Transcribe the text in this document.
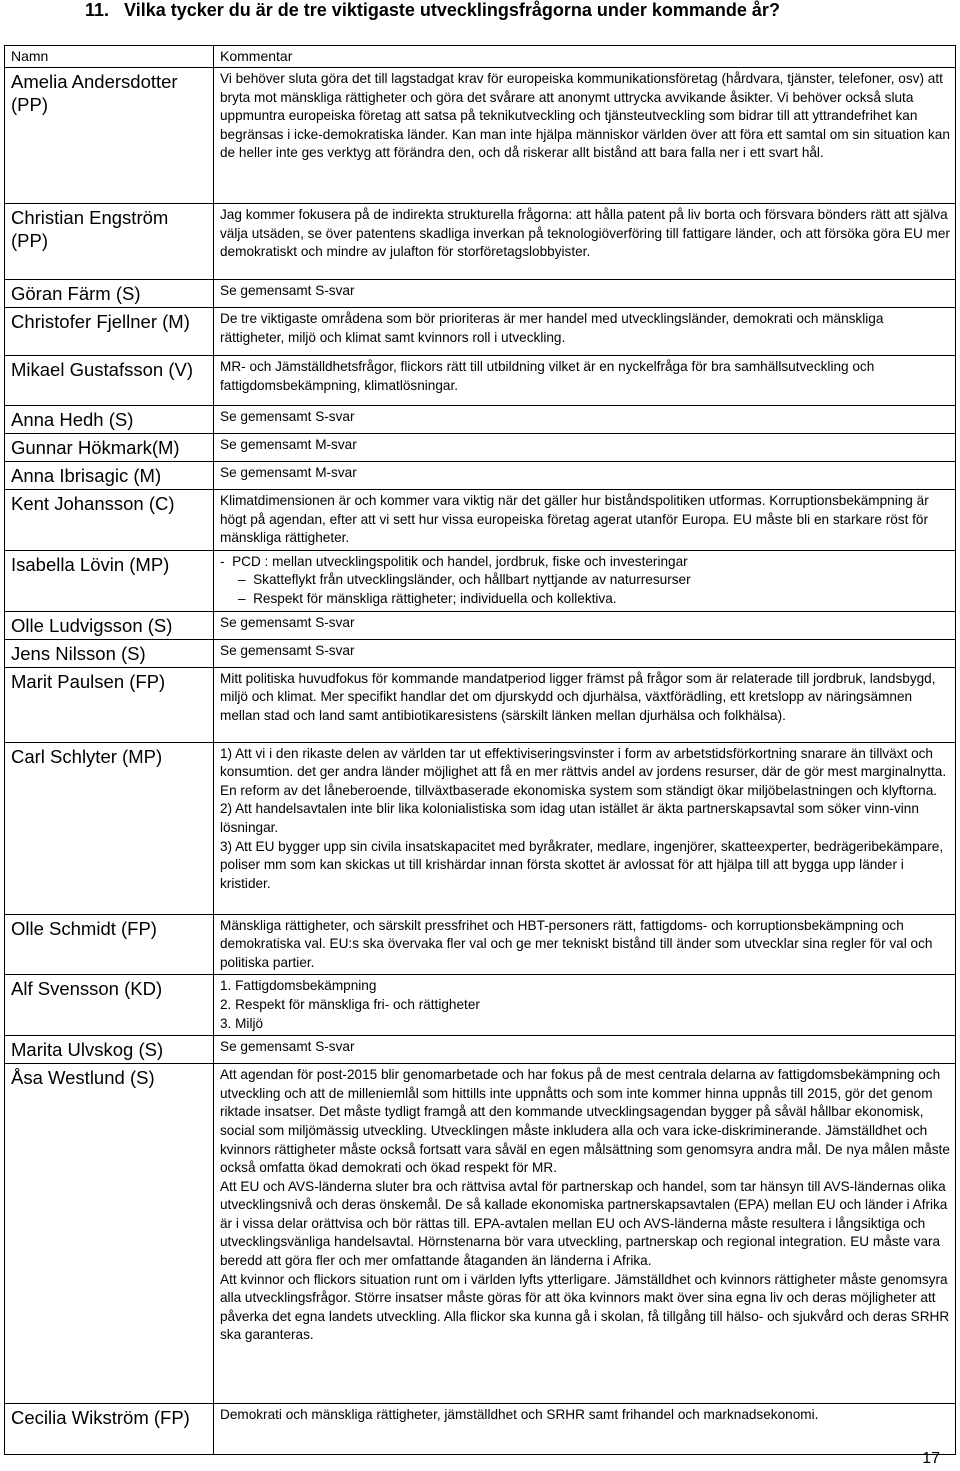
11.   Vilka tycker du är de tre viktigaste utvecklingsfrågorna under kommande år?
Namn	Kommentar
Amelia Andersdotter (PP)	Vi behöver sluta göra det till lagstadgat krav för europeiska kommunikationsföretag (hårdvara, tjänster, telefoner, osv) att bryta mot mänskliga rättigheter och göra det svårare att anonymt uttrycka avvikande åsikter. Vi behöver också sluta uppmuntra europeiska företag att satsa på teknikutveckling och tjänsteutveckling som bidrar till att yttrandefrihet kan begränsas i icke-demokratiska länder. Kan man inte hjälpa människor världen över att föra ett samtal om sin situation kan de heller inte ges verktyg att förändra den, och då riskerar allt bistånd att bara falla ner i ett svart hål.

Christian Engström (PP)	Jag kommer fokusera på de indirekta strukturella frågorna: att hålla patent på liv borta och försvara bönders rätt att själva välja utsäden, se över patentens skadliga inverkan på teknologiöverföring till fattigare länder, och att försöka göra EU mer demokratiskt och mindre av julafton för storföretagslobbyister.

Göran Färm (S)	Se gemensamt S-svar

Christofer Fjellner (M)	De tre viktigaste områdena som bör prioriteras är mer handel med utvecklingsländer, demokrati och mänskliga rättigheter, miljö och klimat samt kvinnors roll i utveckling.

Mikael Gustafsson (V)	MR- och Jämställdhetsfrågor, flickors rätt till utbildning vilket är en nyckelfråga för bra samhällsutveckling och fattigdomsbekämpning, klimatlösningar.

Anna Hedh (S)	Se gemensamt S-svar

Gunnar Hökmark(M)	Se gemensamt M-svar

Anna Ibrisagic (M)	Se gemensamt M-svar

Kent Johansson (C)	Klimatdimensionen är och kommer vara viktig när det gäller hur biståndspolitiken utformas. Korruptionsbekämpning är högt på agendan, efter att vi sett hur vissa europeiska företag agerat utanför Europa. EU måste bli en starkare röst för mänskliga rättigheter.

Isabella Lövin (MP)	-  PCD : mellan utvecklingspolitik och handel, jordbruk, fiske och investeringar
–  Skatteflykt från utvecklingsländer, och hållbart nyttjande av naturresurser
–  Respekt för mänskliga rättigheter; individuella och kollektiva.

Olle Ludvigsson (S)	Se gemensamt S-svar

Jens Nilsson (S)	Se gemensamt S-svar

Marit Paulsen (FP)	Mitt politiska huvudfokus för kommande mandatperiod ligger främst på frågor som är relaterade till jordbruk, landsbygd, miljö och klimat. Mer specifikt handlar det om djurskydd och djurhälsa, växtförädling, ett kretslopp av näringsämnen mellan stad och land samt antibiotikaresistens (särskilt länken mellan djurhälsa och folkhälsa).

Carl Schlyter (MP)	1) Att vi i den rikaste delen av världen tar ut effektiviseringsvinster i form av arbetstidsförkortning snarare än tillväxt och konsumtion. det ger andra länder möjlighet att få en mer rättvis andel av jordens resurser, där de gör mest marginalnytta. En reform av det låneberoende, tillväxtbaserade ekonomiska system som ständigt ökar miljöbelastningen och klyftorna.
2) Att handelsavtalen inte blir lika kolonialistiska som idag utan istället är äkta partnerskapsavtal som söker vinn-vinn lösningar.
3) Att EU bygger upp sin civila insatskapacitet med byråkrater, medlare, ingenjörer, skatteexperter, bedrägeribekämpare, poliser mm som kan skickas ut till krishärdar innan första skottet är avlossat för att hjälpa till att bygga upp länder i kristider.

Olle Schmidt (FP)	Mänskliga rättigheter, och särskilt pressfrihet och HBT-personers rätt, fattigdoms- och korruptionsbekämpning och demokratiska val. EU:s ska övervaka fler val och ge mer tekniskt bistånd till änder som utvecklar sina regler för val och politiska partier.

Alf Svensson (KD)	1. Fattigdomsbekämpning
2. Respekt för mänskliga fri- och rättigheter
3. Miljö

Marita Ulvskog (S)	Se gemensamt S-svar

Åsa Westlund (S)	Att agendan för post-2015 blir genomarbetade och har fokus på de mest centrala delarna av fattigdomsbekämpning och utveckling och att de milleniemlål som hittills inte uppnåtts och som inte kommer hinna uppnås till 2015, gör det genom riktade insatser. Det måste tydligt framgå att den kommande utvecklingsagendan bygger på såväl hållbar ekonomisk, social som miljömässig utveckling. Utvecklingen måste inkludera alla och vara icke-diskriminerande. Jämställdhet och kvinnors rättigheter måste också fortsatt vara såväl en egen målsättning som genomsyra andra mål. De nya målen måste också omfatta ökad demokrati och ökad respekt för MR.
Att EU och AVS-länderna sluter bra och rättvisa avtal för partnerskap och handel, som tar hänsyn till AVS-ländernas olika utvecklingsnivå och deras önskemål. De så kallade ekonomiska partnerskapsavtalen (EPA) mellan EU och länder i Afrika är i vissa delar orättvisa och bör rättas till. EPA-avtalen mellan EU och AVS-länderna måste resultera i långsiktiga och utvecklingsvänliga handelsavtal. Hörnstenarna bör vara utveckling, partnerskap och regional integration. EU måste vara beredd att göra fler och mer omfattande åtaganden än länderna i Afrika.
Att kvinnor och flickors situation runt om i världen lyfts ytterligare. Jämställdhet och kvinnors rättigheter måste genomsyra alla utvecklingsfrågor. Större insatser måste göras för att öka kvinnors makt över sina egna liv och deras möjligheter att påverka det egna landets utveckling. Alla flickor ska kunna gå i skolan, få tillgång till hälso- och sjukvård och deras SRHR ska garanteras.

Cecilia Wikström (FP)	Demokrati och mänskliga rättigheter, jämställdhet och SRHR samt frihandel och marknadsekonomi.
17
